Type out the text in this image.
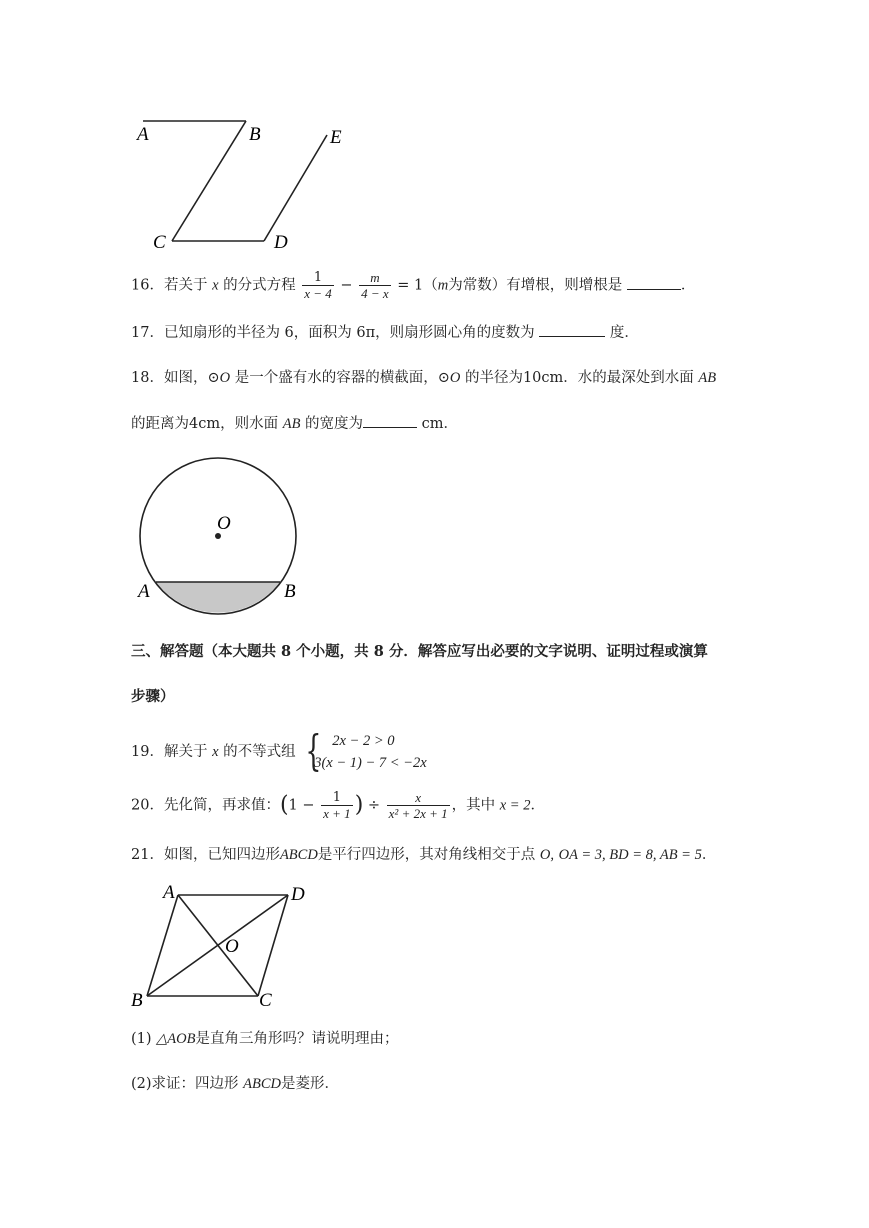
A	B	E
C	D
16．若关于 x 的分式方程 $\frac{1}{x - 4} - \frac{m}{4 - x} = 1(m$为常数）有增根，则增根是	．
17．已知扇形的半径为 6，面积为 6π，则扇形圆心角的度数为	度．
18．如图，⊙O 是一个盛有水的容器的横截面，⊙O 的半径为10cm．水的最深处到水面 AB
的距离为4cm，则水面 AB 的宽度为	cm．
O
A	B
三、解答题（本大题共 8 个小题，共 8 分．解答应写出必要的文字说明、证明过程或演算
步骤）
19．解关于 x 的不等式组 { 2x − 2 > 0
3(x − 1) − 7 < −2x
20．先化简，再求值：($1 - \frac{1}{x + 1}$ ) ÷ $\frac{x}{\text{x² + 2x + 1}}$ ，其中 x = 2．
21．如图，已知四边形ABCD是平行四边形，其对角线相交于点 O, OA = 3, BD = 8, AB = 5．
A	D
O
B	C
(1) △AOB是直角三角形吗？请说明理由；
(2)求证：四边形 ABCD是菱形．
